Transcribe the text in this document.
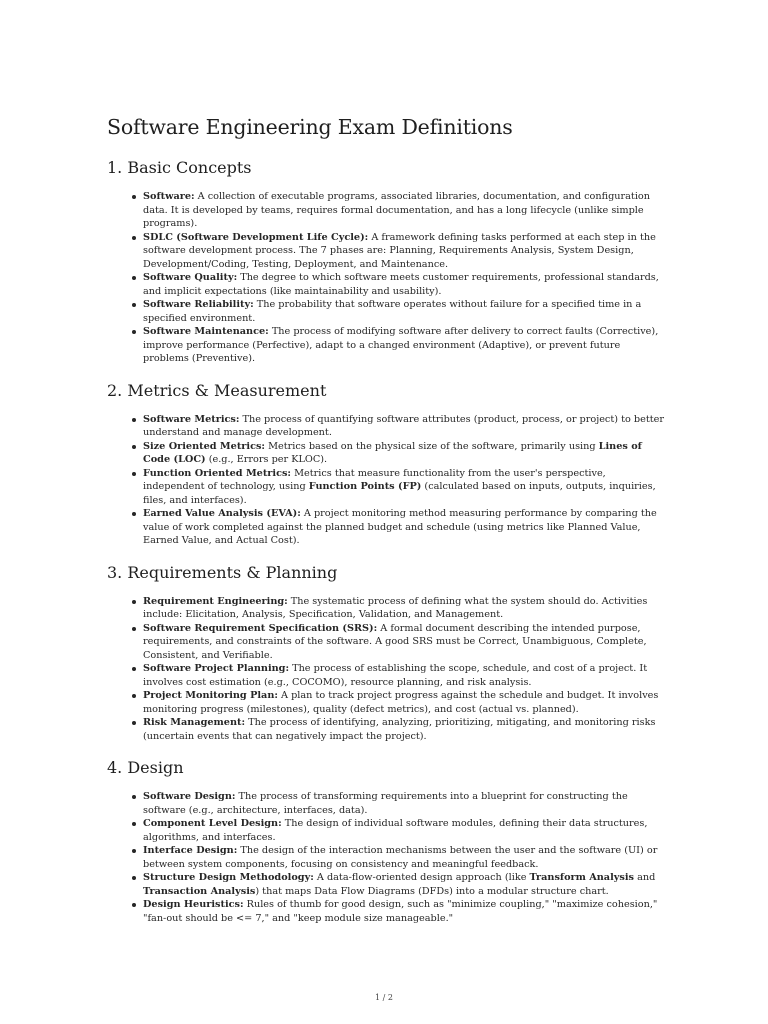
Software Engineering Exam Definitions
1. Basic Concepts
Software: A collection of executable programs, associated libraries, documentation, and configuration data. It is developed by teams, requires formal documentation, and has a long lifecycle (unlike simple programs).
SDLC (Software Development Life Cycle): A framework defining tasks performed at each step in the software development process. The 7 phases are: Planning, Requirements Analysis, System Design, Development/Coding, Testing, Deployment, and Maintenance.
Software Quality: The degree to which software meets customer requirements, professional standards, and implicit expectations (like maintainability and usability).
Software Reliability: The probability that software operates without failure for a specified time in a specified environment.
Software Maintenance: The process of modifying software after delivery to correct faults (Corrective), improve performance (Perfective), adapt to a changed environment (Adaptive), or prevent future problems (Preventive).
2. Metrics & Measurement
Software Metrics: The process of quantifying software attributes (product, process, or project) to better understand and manage development.
Size Oriented Metrics: Metrics based on the physical size of the software, primarily using Lines of Code (LOC) (e.g., Errors per KLOC).
Function Oriented Metrics: Metrics that measure functionality from the user's perspective, independent of technology, using Function Points (FP) (calculated based on inputs, outputs, inquiries, files, and interfaces).
Earned Value Analysis (EVA): A project monitoring method measuring performance by comparing the value of work completed against the planned budget and schedule (using metrics like Planned Value, Earned Value, and Actual Cost).
3. Requirements & Planning
Requirement Engineering: The systematic process of defining what the system should do. Activities include: Elicitation, Analysis, Specification, Validation, and Management.
Software Requirement Specification (SRS): A formal document describing the intended purpose, requirements, and constraints of the software. A good SRS must be Correct, Unambiguous, Complete, Consistent, and Verifiable.
Software Project Planning: The process of establishing the scope, schedule, and cost of a project. It involves cost estimation (e.g., COCOMO), resource planning, and risk analysis.
Project Monitoring Plan: A plan to track project progress against the schedule and budget. It involves monitoring progress (milestones), quality (defect metrics), and cost (actual vs. planned).
Risk Management: The process of identifying, analyzing, prioritizing, mitigating, and monitoring risks (uncertain events that can negatively impact the project).
4. Design
Software Design: The process of transforming requirements into a blueprint for constructing the software (e.g., architecture, interfaces, data).
Component Level Design: The design of individual software modules, defining their data structures, algorithms, and interfaces.
Interface Design: The design of the interaction mechanisms between the user and the software (UI) or between system components, focusing on consistency and meaningful feedback.
Structure Design Methodology: A data-flow-oriented design approach (like Transform Analysis and Transaction Analysis) that maps Data Flow Diagrams (DFDs) into a modular structure chart.
Design Heuristics: Rules of thumb for good design, such as "minimize coupling," "maximize cohesion," "fan-out should be <= 7," and "keep module size manageable."
1 / 2
